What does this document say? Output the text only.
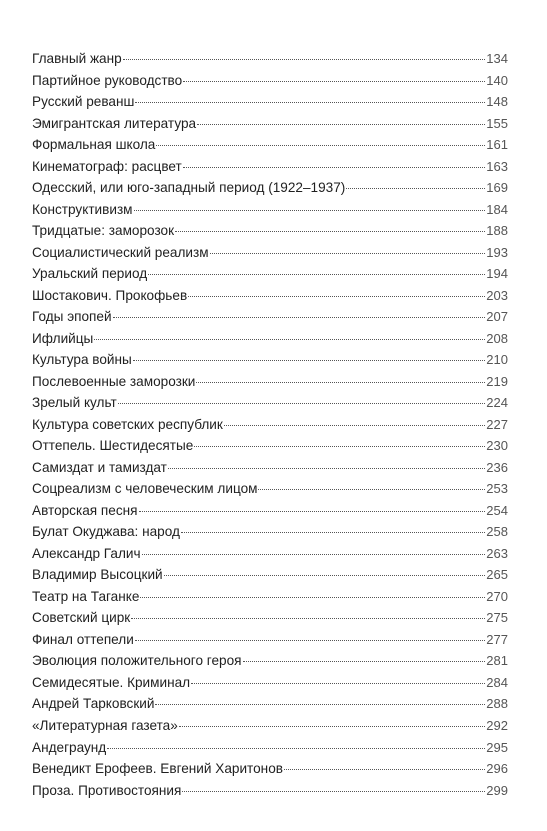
Главный жанр	134
Партийное руководство	140
Русский реванш	148
Эмигрантская литература	155
Формальная школа	161
Кинематограф: расцвет	163
Одесский, или юго-западный период (1922–1937)	169
Конструктивизм	184
Тридцатые: заморозок	188
Социалистический реализм	193
Уральский период	194
Шостакович. Прокофьев	203
Годы эпопей	207
Ифлийцы	208
Культура войны	210
Послевоенные заморозки	219
Зрелый культ	224
Культура советских республик	227
Оттепель. Шестидесятые	230
Самиздат и тамиздат	236
Соцреализм с человеческим лицом	253
Авторская песня	254
Булат Окуджава: народ	258
Александр Галич	263
Владимир Высоцкий	265
Театр на Таганке	270
Советский цирк	275
Финал оттепели	277
Эволюция положительного героя	281
Семидесятые. Криминал	284
Андрей Тарковский	288
«Литературная газета»	292
Андеграунд	295
Венедикт Ерофеев. Евгений Харитонов	296
Проза. Противостояния	299
